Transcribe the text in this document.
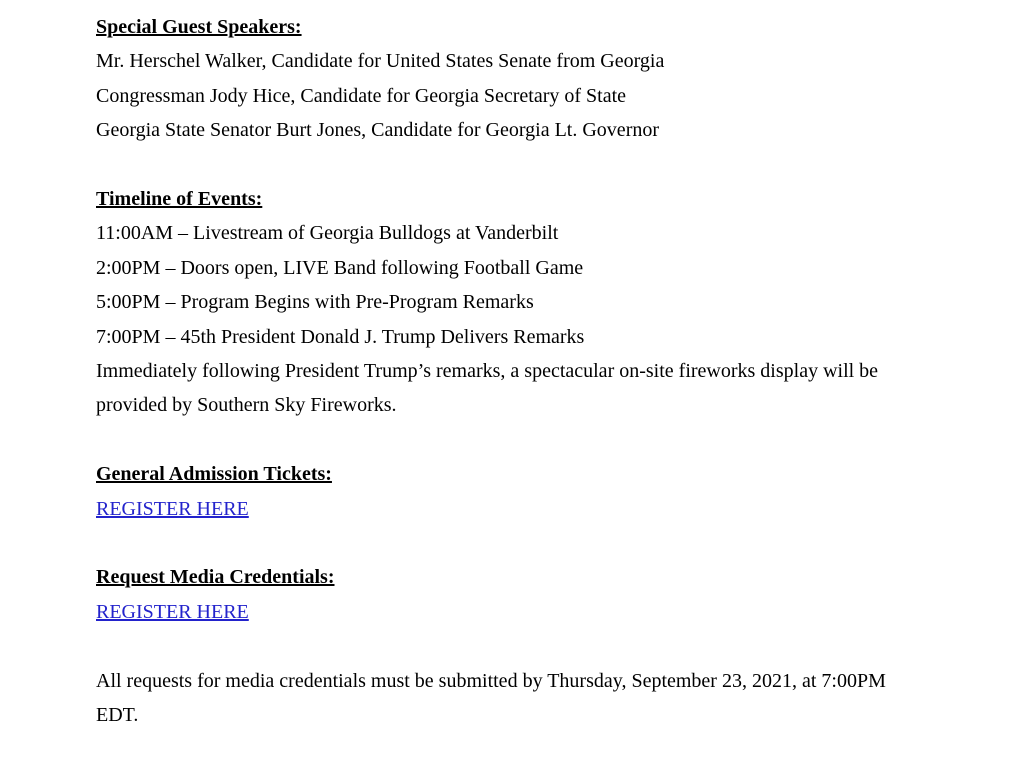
Special Guest Speakers:

Mr. Herschel Walker, Candidate for United States Senate from Georgia

Congressman Jody Hice, Candidate for Georgia Secretary of State

Georgia State Senator Burt Jones, Candidate for Georgia Lt. Governor

Timeline of Events:

11:00AM – Livestream of Georgia Bulldogs at Vanderbilt

2:00PM – Doors open, LIVE Band following Football Game

5:00PM – Program Begins with Pre-Program Remarks

7:00PM – 45th President Donald J. Trump Delivers Remarks

Immediately following President Trump’s remarks, a spectacular on-site fireworks display will be

provided by Southern Sky Fireworks.

General Admission Tickets:

REGISTER HERE

Request Media Credentials:

REGISTER HERE

All requests for media credentials must be submitted by Thursday, September 23, 2021, at 7:00PM

EDT.
